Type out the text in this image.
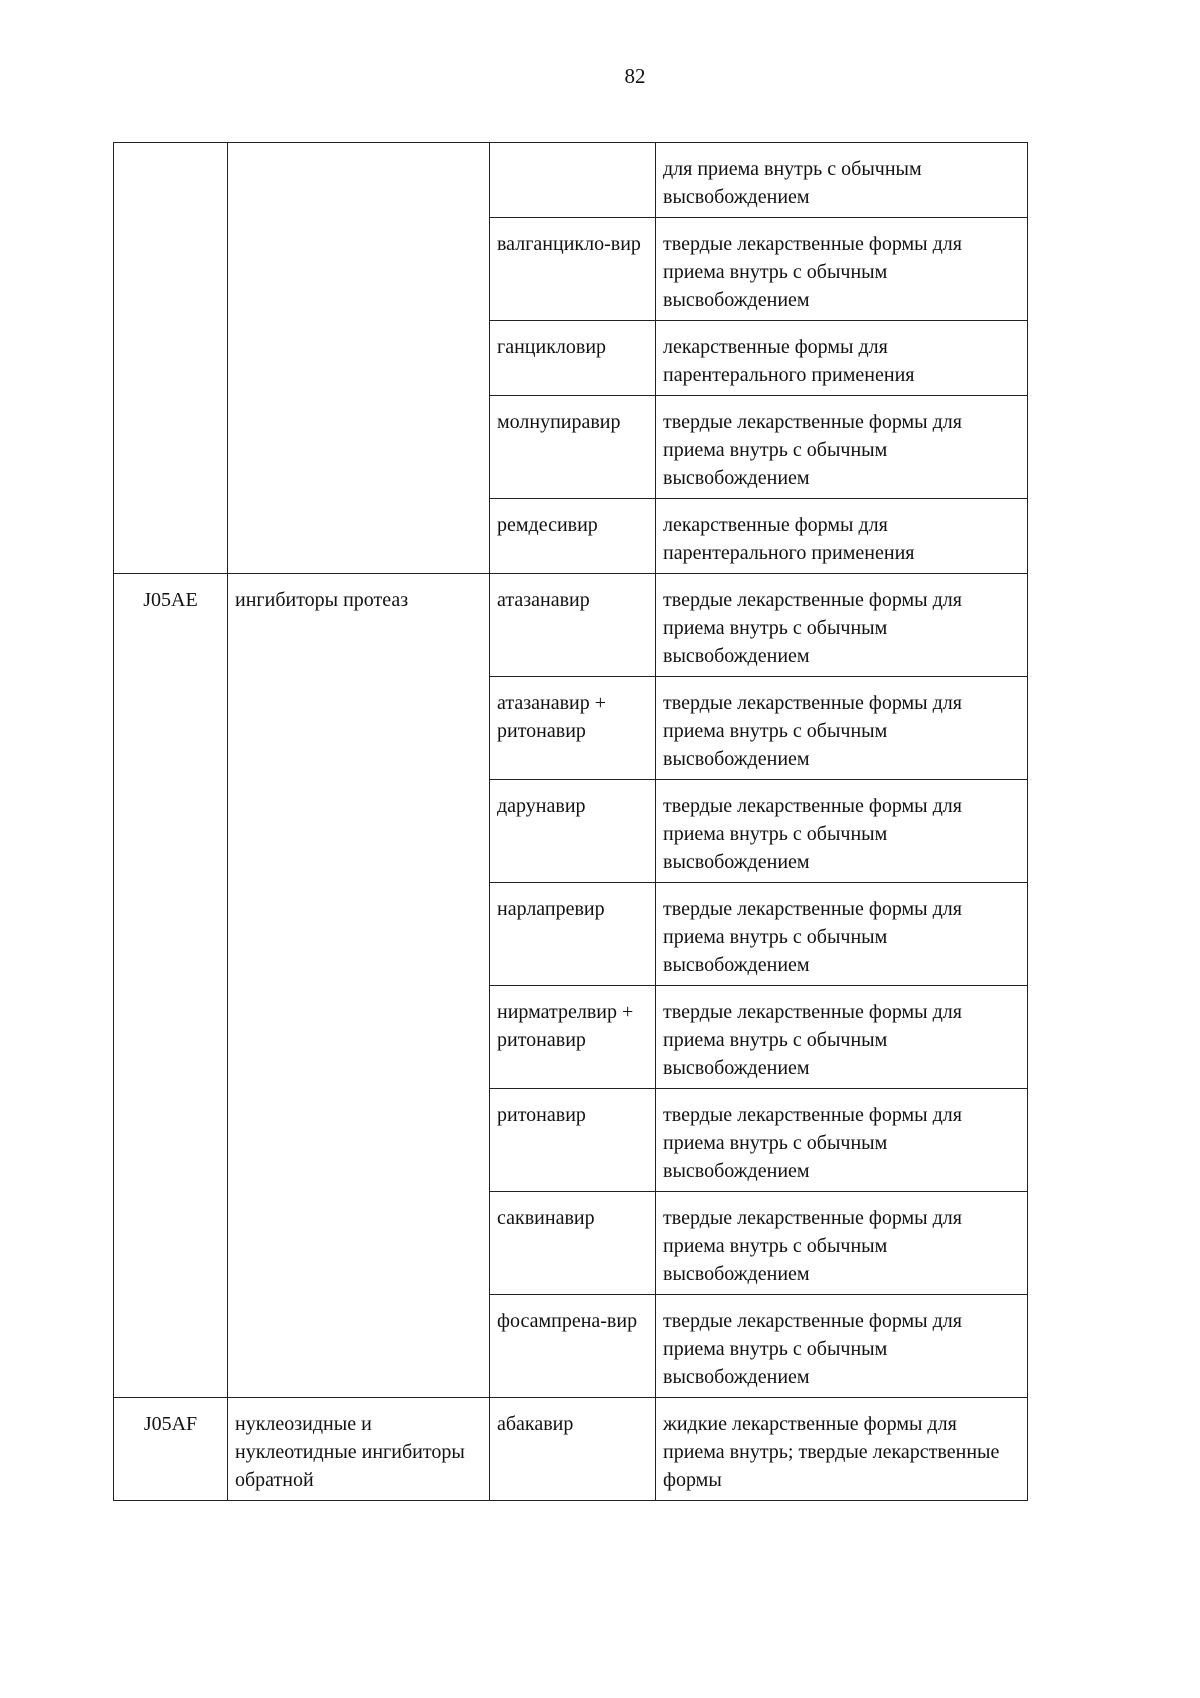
82
			для приема внутрь с обычным высвобождением
		валганцикло-вир	твердые лекарственные формы для приема внутрь с обычным высвобождением
		ганцикловир	лекарственные формы для парентерального применения
		молнупиравир	твердые лекарственные формы для приема внутрь с обычным высвобождением
		ремдесивир	лекарственные формы для парентерального применения
J05AE	ингибиторы протеаз	атазанавир	твердые лекарственные формы для приема внутрь с обычным высвобождением
		атазанавир + ритонавир	твердые лекарственные формы для приема внутрь с обычным высвобождением
		дарунавир	твердые лекарственные формы для приема внутрь с обычным высвобождением
		нарлапревир	твердые лекарственные формы для приема внутрь с обычным высвобождением
		нирматрелвир + ритонавир	твердые лекарственные формы для приема внутрь с обычным высвобождением
		ритонавир	твердые лекарственные формы для приема внутрь с обычным высвобождением
		саквинавир	твердые лекарственные формы для приема внутрь с обычным высвобождением
		фосампрена-вир	твердые лекарственные формы для приема внутрь с обычным высвобождением
J05AF	нуклеозидные и нуклеотидные ингибиторы обратной	абакавир	жидкие лекарственные формы для приема внутрь; твердые лекарственные формы
